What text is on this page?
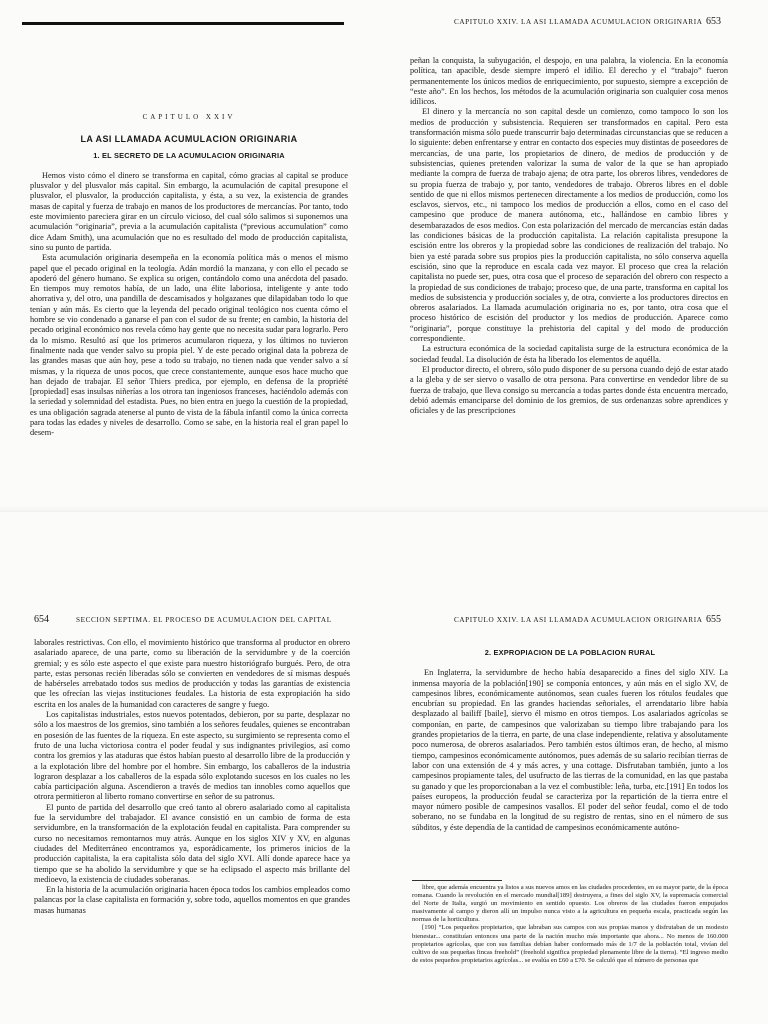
CAPITULO XXIV
LA ASI LLAMADA ACUMULACION ORIGINARIA
1. EL SECRETO DE LA ACUMULACION ORIGINARIA

Hemos visto cómo el dinero se transforma en capital, cómo gracias al capital se produce plusvalor y del plusvalor más capital. Sin embargo, la acumulación de capital presupone el plusvalor, el plusvalor, la producción capitalista, y ésta, a su vez, la existencia de grandes masas de capital y fuerza de trabajo en manos de los productores de mercancías. Por tanto, todo este movimiento pareciera girar en un círculo vicioso, del cual sólo salimos si suponemos una acumulación “originaria”, previa a la acumulación capitalista (“previous accumulation” como dice Adam Smith), una acumulación que no es resultado del modo de producción capitalista, sino su punto de partida.

Esta acumulación originaria desempeña en la economía política más o menos el mismo papel que el pecado original en la teología. Adán mordió la manzana, y con ello el pecado se apoderó del género humano. Se explica su origen, contándolo como una anécdota del pasado. En tiempos muy remotos había, de un lado, una élite laboriosa, inteligente y ante todo ahorrativa y, del otro, una pandilla de descamisados y holgazanes que dilapidaban todo lo que tenían y aún más. Es cierto que la leyenda del pecado original teológico nos cuenta cómo el hombre se vio condenado a ganarse el pan con el sudor de su frente; en cambio, la historia del pecado original económico nos revela cómo hay gente que no necesita sudar para lograrlo. Pero da lo mismo. Resultó así que los primeros acumularon riqueza, y los últimos no tuvieron finalmente nada que vender salvo su propia piel. Y de este pecado original data la pobreza de las grandes masas que aún hoy, pese a todo su trabajo, no tienen nada que vender salvo a sí mismas, y la riqueza de unos pocos, que crece constantemente, aunque esos hace mucho que han dejado de trabajar. El señor Thiers predica, por ejemplo, en defensa de la propriété [propiedad] esas insulsas niñerías a los otrora tan ingeniosos franceses, haciéndolo además con la seriedad y solemnidad del estadista. Pues, no bien entra en juego la cuestión de la propiedad, es una obligación sagrada atenerse al punto de vista de la fábula infantil como la única correcta para todas las edades y niveles de desarrollo. Como se sabe, en la historia real el gran papel lo desem-

CAPITULO XXIV. LA ASI LLAMADA ACUMULACION ORIGINARIA 653

peñan la conquista, la subyugación, el despojo, en una palabra, la violencia. En la economía política, tan apacible, desde siempre imperó el idilio. El derecho y el “trabajo” fueron permanentemente los únicos medios de enriquecimiento, por supuesto, siempre a excepción de “este año”. En los hechos, los métodos de la acumulación originaria son cualquier cosa menos idílicos.

El dinero y la mercancía no son capital desde un comienzo, como tampoco lo son los medios de producción y subsistencia. Requieren ser transformados en capital. Pero esta transformación misma sólo puede transcurrir bajo determinadas circunstancias que se reducen a lo siguiente: deben enfrentarse y entrar en contacto dos especies muy distintas de poseedores de mercancías, de una parte, los propietarios de dinero, de medios de producción y de subsistencias, quienes pretenden valorizar la suma de valor de la que se han apropiado mediante la compra de fuerza de trabajo ajena; de otra parte, los obreros libres, vendedores de su propia fuerza de trabajo y, por tanto, vendedores de trabajo. Obreros libres en el doble sentido de que ni ellos mismos pertenecen directamente a los medios de producción, como los esclavos, siervos, etc., ni tampoco los medios de producción a ellos, como en el caso del campesino que produce de manera autónoma, etc., hallándose en cambio libres y desembarazados de esos medios. Con esta polarización del mercado de mercancías están dadas las condiciones básicas de la producción capitalista. La relación capitalista presupone la escisión entre los obreros y la propiedad sobre las condiciones de realización del trabajo. No bien ya esté parada sobre sus propios pies la producción capitalista, no sólo conserva aquella escisión, sino que la reproduce en escala cada vez mayor. El proceso que crea la relación capitalista no puede ser, pues, otra cosa que el proceso de separación del obrero con respecto a la propiedad de sus condiciones de trabajo; proceso que, de una parte, transforma en capital los medios de subsistencia y producción sociales y, de otra, convierte a los productores directos en obreros asalariados. La llamada acumulación originaria no es, por tanto, otra cosa que el proceso histórico de escisión del productor y los medios de producción. Aparece como “originaria”, porque constituye la prehistoria del capital y del modo de producción correspondiente.

La estructura económica de la sociedad capitalista surge de la estructura económica de la sociedad feudal. La disolución de ésta ha liberado los elementos de aquélla.

El productor directo, el obrero, sólo pudo disponer de su persona cuando dejó de estar atado a la gleba y de ser siervo o vasallo de otra persona. Para convertirse en vendedor libre de su fuerza de trabajo, que lleva consigo su mercancía a todas partes donde ésta encuentra mercado, debió además emanciparse del dominio de los gremios, de sus ordenanzas sobre aprendices y oficiales y de las prescripciones

654	SECCION SEPTIMA. EL PROCESO DE ACUMULACION DEL CAPITAL

laborales restrictivas. Con ello, el movimiento histórico que transforma al productor en obrero asalariado aparece, de una parte, como su liberación de la servidumbre y de la coerción gremial; y es sólo este aspecto el que existe para nuestro historiógrafo burgués. Pero, de otra parte, estas personas recién liberadas sólo se convierten en vendedores de sí mismas después de habérseles arrebatado todos sus medios de producción y todas las garantías de existencia que les ofrecían las viejas instituciones feudales. La historia de esta expropiación ha sido escrita en los anales de la humanidad con caracteres de sangre y fuego.

Los capitalistas industriales, estos nuevos potentados, debieron, por su parte, desplazar no sólo a los maestros de los gremios, sino también a los señores feudales, quienes se encontraban en posesión de las fuentes de la riqueza. En este aspecto, su surgimiento se representa como el fruto de una lucha victoriosa contra el poder feudal y sus indignantes privilegios, así como contra los gremios y las ataduras que éstos habían puesto al desarrollo libre de la producción y a la explotación libre del hombre por el hombre. Sin embargo, los caballeros de la industria lograron desplazar a los caballeros de la espada sólo explotando sucesos en los cuales no les cabía participación alguna. Ascendieron a través de medios tan innobles como aquellos que otrora permitieron al liberto romano convertirse en señor de su patronus.

El punto de partida del desarrollo que creó tanto al obrero asalariado como al capitalista fue la servidumbre del trabajador. El avance consistió en un cambio de forma de esta servidumbre, en la transformación de la explotación feudal en capitalista. Para comprender su curso no necesitamos remontarnos muy atrás. Aunque en los siglos XIV y XV, en algunas ciudades del Mediterráneo encontramos ya, esporádicamente, los primeros inicios de la producción capitalista, la era capitalista sólo data del siglo XVI. Allí donde aparece hace ya tiempo que se ha abolido la servidumbre y que se ha eclipsado el aspecto más brillante del medioevo, la existencia de ciudades soberanas.

En la historia de la acumulación originaria hacen época todos los cambios empleados como palancas por la clase capitalista en formación y, sobre todo, aquellos momentos en que grandes masas humanas

CAPITULO XXIV. LA ASI LLAMADA ACUMULACION ORIGINARIA 655
2. EXPROPIACION DE LA POBLACION RURAL

En Inglaterra, la servidumbre de hecho había desaparecido a fines del siglo XIV. La inmensa mayoría de la población[190] se componía entonces, y aún más en el siglo XV, de campesinos libres, económicamente autónomos, sean cuales fueren los rótulos feudales que encubrían su propiedad. En las grandes haciendas señoriales, el arrendatario libre había desplazado al bailiff [baile], siervo él mismo en otros tiempos. Los asalariados agrícolas se componían, en parte, de campesinos que valorizaban su tiempo libre trabajando para los grandes propietarios de la tierra, en parte, de una clase independiente, relativa y absolutamente poco numerosa, de obreros asalariados. Pero también estos últimos eran, de hecho, al mismo tiempo, campesinos económicamente autónomos, pues además de su salario recibían tierras de labor con una extensión de 4 y más acres, y una cottage. Disfrutaban también, junto a los campesinos propiamente tales, del usufructo de las tierras de la comunidad, en las que pastaba su ganado y que les proporcionaban a la vez el combustible: leña, turba, etc.[191] En todos los países europeos, la producción feudal se caracteriza por la repartición de la tierra entre el mayor número posible de campesinos vasallos. El poder del señor feudal, como el de todo soberano, no se fundaba en la longitud de su registro de rentas, sino en el número de sus súbditos, y éste dependía de la cantidad de campesinos económicamente autóno-

libre, que además encuentra ya listos a sus nuevos amos en las ciudades procedentes, en su mayor parte, de la época romana. Cuando la revolución en el mercado mundial[189] destruyera, a fines del siglo XV, la supremacía comercial del Norte de Italia, surgió un movimiento en sentido opuesto. Los obreros de las ciudades fueron empujados masivamente al campo y dieron allí un impulso nunca visto a la agricultura en pequeña escala, practicada según las normas de la horticultura.

[190] “Los pequeños propietarios, que labraban sus campos con sus propias manos y disfrutaban de un modesto bienestar... constituían entonces una parte de la nación mucho más importante que ahora... No menos de 160.000 propietarios agrícolas, que con sus familias debían haber conformado más de 1/7 de la población total, vivían del cultivo de sus pequeñas fincas freehold” (freehold significa propiedad plenamente libre de la tierra). “El ingreso medio de estos pequeños propietarios agrícolas... se evalúa en £60 a £70. Se calculó que el número de personas que
